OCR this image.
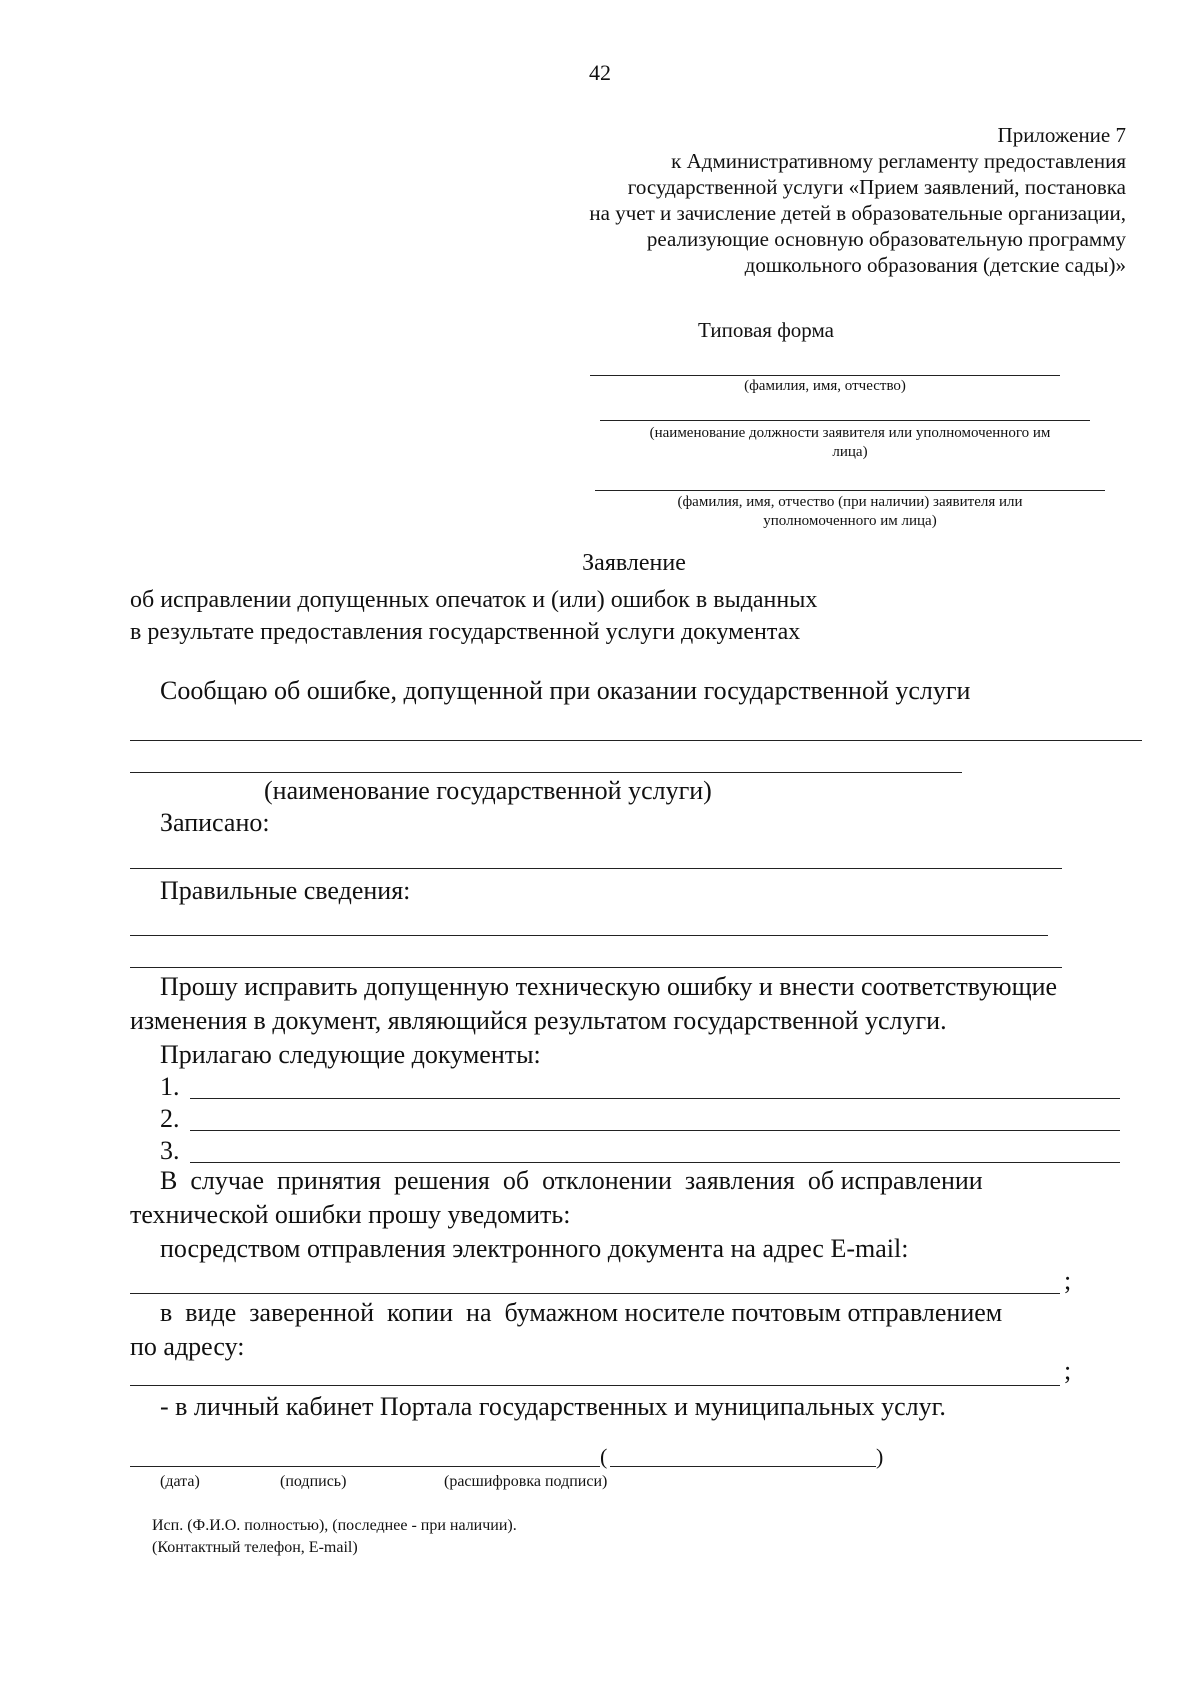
42
Приложение 7
к Административному регламенту предоставления
государственной услуги «Прием заявлений, постановка
на учет и зачисление детей в образовательные организации,
реализующие основную образовательную программу
дошкольного образования (детские сады)»
Типовая форма
(фамилия, имя, отчество)
(наименование должности заявителя или уполномоченного им
лица)
(фамилия, имя, отчество (при наличии) заявителя или
уполномоченного им лица)
Заявление
об исправлении допущенных опечаток и (или) ошибок в выданных
в результате предоставления государственной услуги документах
Сообщаю об ошибке, допущенной при оказании государственной услуги
(наименование государственной услуги)
Записано:
Правильные сведения:
Прошу исправить допущенную техническую ошибку и внести соответствующие
изменения в документ, являющийся результатом государственной услуги.
Прилагаю следующие документы:
1.
2.
3.
В  случае  принятия  решения  об  отклонении  заявления  об исправлении
технической ошибки прошу уведомить:
посредством отправления электронного документа на адрес E-mail:
;
в  виде  заверенной  копии  на  бумажном носителе почтовым отправлением
по адресу:
;
- в личный кабинет Портала государственных и муниципальных услуг.
(	)
(дата)	(подпись)	(расшифровка подписи)
Исп. (Ф.И.О. полностью), (последнее - при наличии).
(Контактный телефон, E-mail)
